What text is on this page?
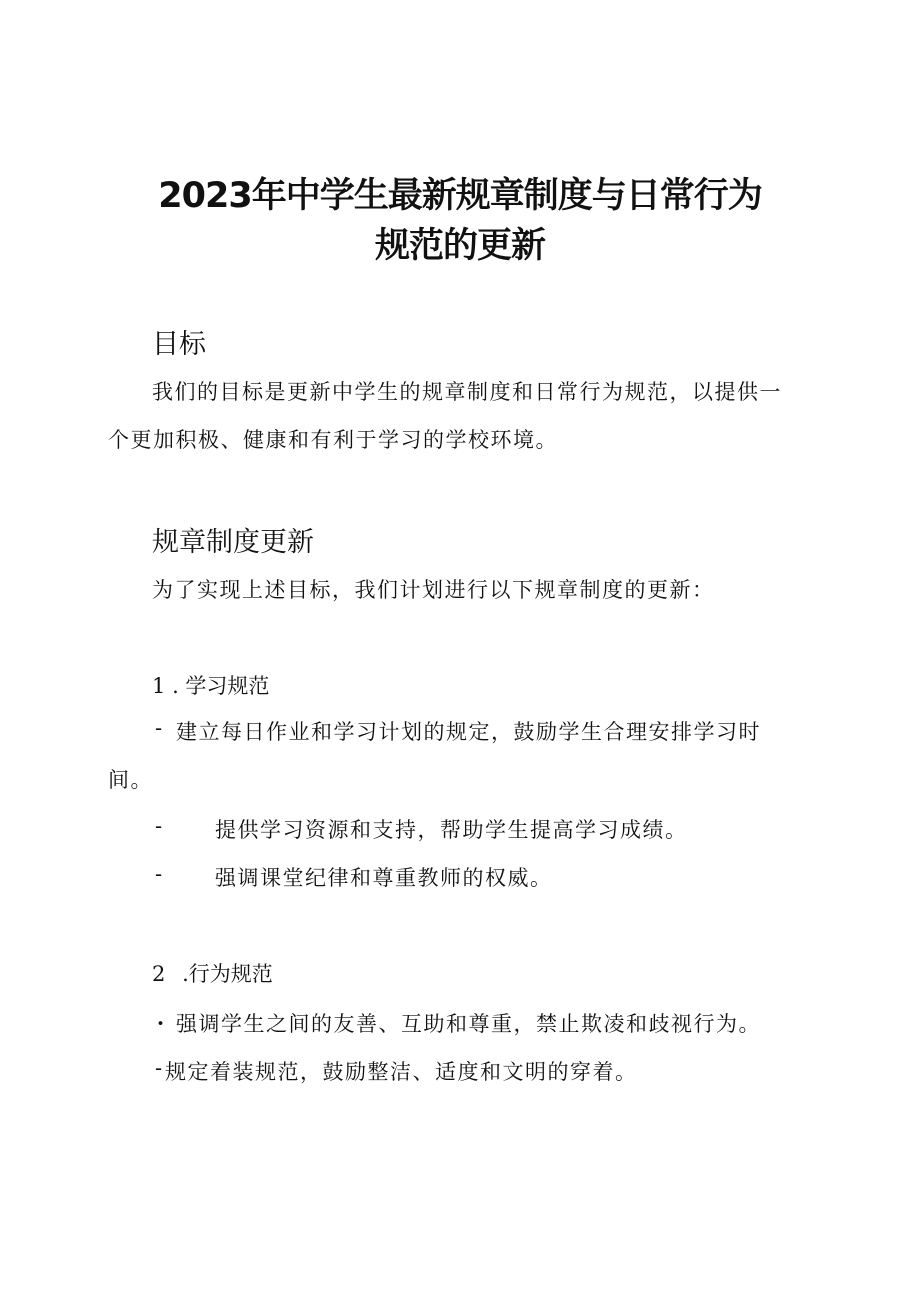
2023年中学生最新规章制度与日常行为
规范的更新
目标
我们的目标是更新中学生的规章制度和日常行为规范，以提供一
个更加积极、健康和有利于学习的学校环境。
规章制度更新
为了实现上述目标，我们计划进行以下规章制度的更新：
1 . 学习规范
- 建立每日作业和学习计划的规定，鼓励学生合理安排学习时
间。
-	提供学习资源和支持，帮助学生提高学习成绩。
-	强调课堂纪律和尊重教师的权威。
2 .行为规范
・ 强调学生之间的友善、互助和尊重，禁止欺凌和歧视行为。
- 规定着装规范，鼓励整洁、适度和文明的穿着。
